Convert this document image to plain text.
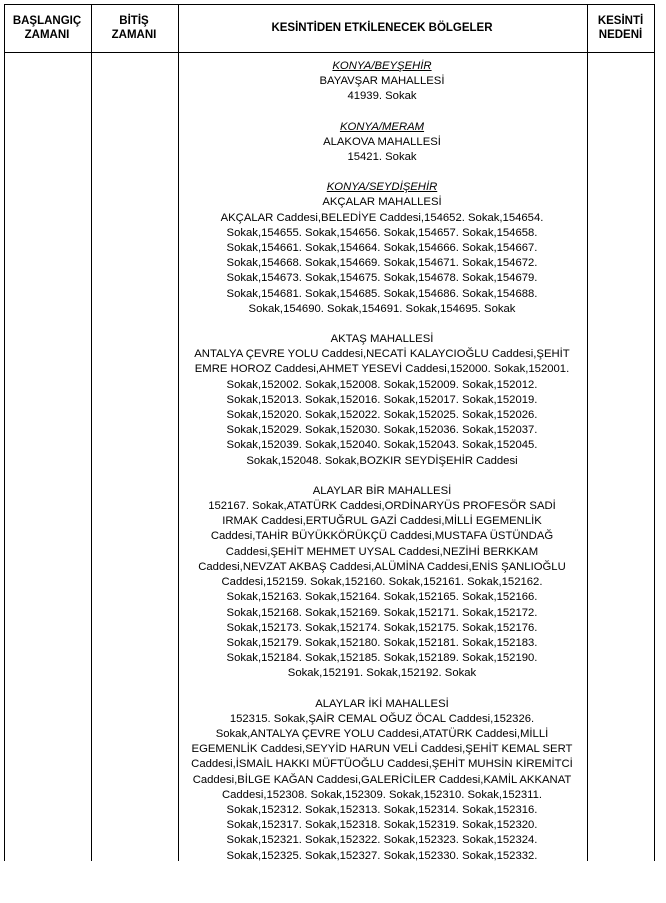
BAŞLANGIÇ
ZAMANI
BİTİŞ
ZAMANI
KESİNTİDEN ETKİLENECEK BÖLGELER
KESİNTİ
NEDENİ

KONYA/BEYŞEHİR

BAYAVŞAR MAHALLESİ

41939. Sokak

KONYA/MERAM

ALAKOVA MAHALLESİ

15421. Sokak

KONYA/SEYDİŞEHİR

AKÇALAR MAHALLESİ

AKÇALAR Caddesi,BELEDİYE Caddesi,154652. Sokak,154654.

Sokak,154655. Sokak,154656. Sokak,154657. Sokak,154658.

Sokak,154661. Sokak,154664. Sokak,154666. Sokak,154667.

Sokak,154668. Sokak,154669. Sokak,154671. Sokak,154672.

Sokak,154673. Sokak,154675. Sokak,154678. Sokak,154679.

Sokak,154681. Sokak,154685. Sokak,154686. Sokak,154688.

Sokak,154690. Sokak,154691. Sokak,154695. Sokak

AKTAŞ MAHALLESİ

ANTALYA ÇEVRE YOLU Caddesi,NECATİ KALAYCIOĞLU Caddesi,ŞEHİT

EMRE HOROZ Caddesi,AHMET YESEVİ Caddesi,152000. Sokak,152001.

Sokak,152002. Sokak,152008. Sokak,152009. Sokak,152012.

Sokak,152013. Sokak,152016. Sokak,152017. Sokak,152019.

Sokak,152020. Sokak,152022. Sokak,152025. Sokak,152026.

Sokak,152029. Sokak,152030. Sokak,152036. Sokak,152037.

Sokak,152039. Sokak,152040. Sokak,152043. Sokak,152045.

Sokak,152048. Sokak,BOZKIR SEYDİŞEHİR Caddesi

ALAYLAR BİR MAHALLESİ

152167. Sokak,ATATÜRK Caddesi,ORDİNARYÜS PROFESÖR SADİ

IRMAK Caddesi,ERTUĞRUL GAZİ Caddesi,MİLLİ EGEMENLİK

Caddesi,TAHİR BÜYÜKKÖRÜKÇÜ Caddesi,MUSTAFA ÜSTÜNDAĞ

Caddesi,ŞEHİT MEHMET UYSAL Caddesi,NEZİHİ BERKKAM

Caddesi,NEVZAT AKBAŞ Caddesi,ALÜMİNA Caddesi,ENİS ŞANLIOĞLU

Caddesi,152159. Sokak,152160. Sokak,152161. Sokak,152162.

Sokak,152163. Sokak,152164. Sokak,152165. Sokak,152166.

Sokak,152168. Sokak,152169. Sokak,152171. Sokak,152172.

Sokak,152173. Sokak,152174. Sokak,152175. Sokak,152176.

Sokak,152179. Sokak,152180. Sokak,152181. Sokak,152183.

Sokak,152184. Sokak,152185. Sokak,152189. Sokak,152190.

Sokak,152191. Sokak,152192. Sokak

ALAYLAR İKİ MAHALLESİ

152315. Sokak,ŞAİR CEMAL OĞUZ ÖCAL Caddesi,152326.

Sokak,ANTALYA ÇEVRE YOLU Caddesi,ATATÜRK Caddesi,MİLLİ

EGEMENLİK Caddesi,SEYYİD HARUN VELİ Caddesi,ŞEHİT KEMAL SERT

Caddesi,İSMAİL HAKKI MÜFTÜOĞLU Caddesi,ŞEHİT MUHSİN KİREMİTCİ

Caddesi,BİLGE KAĞAN Caddesi,GALERİCİLER Caddesi,KAMİL AKKANAT

Caddesi,152308. Sokak,152309. Sokak,152310. Sokak,152311.

Sokak,152312. Sokak,152313. Sokak,152314. Sokak,152316.

Sokak,152317. Sokak,152318. Sokak,152319. Sokak,152320.

Sokak,152321. Sokak,152322. Sokak,152323. Sokak,152324.

Sokak,152325. Sokak,152327. Sokak,152330. Sokak,152332.
